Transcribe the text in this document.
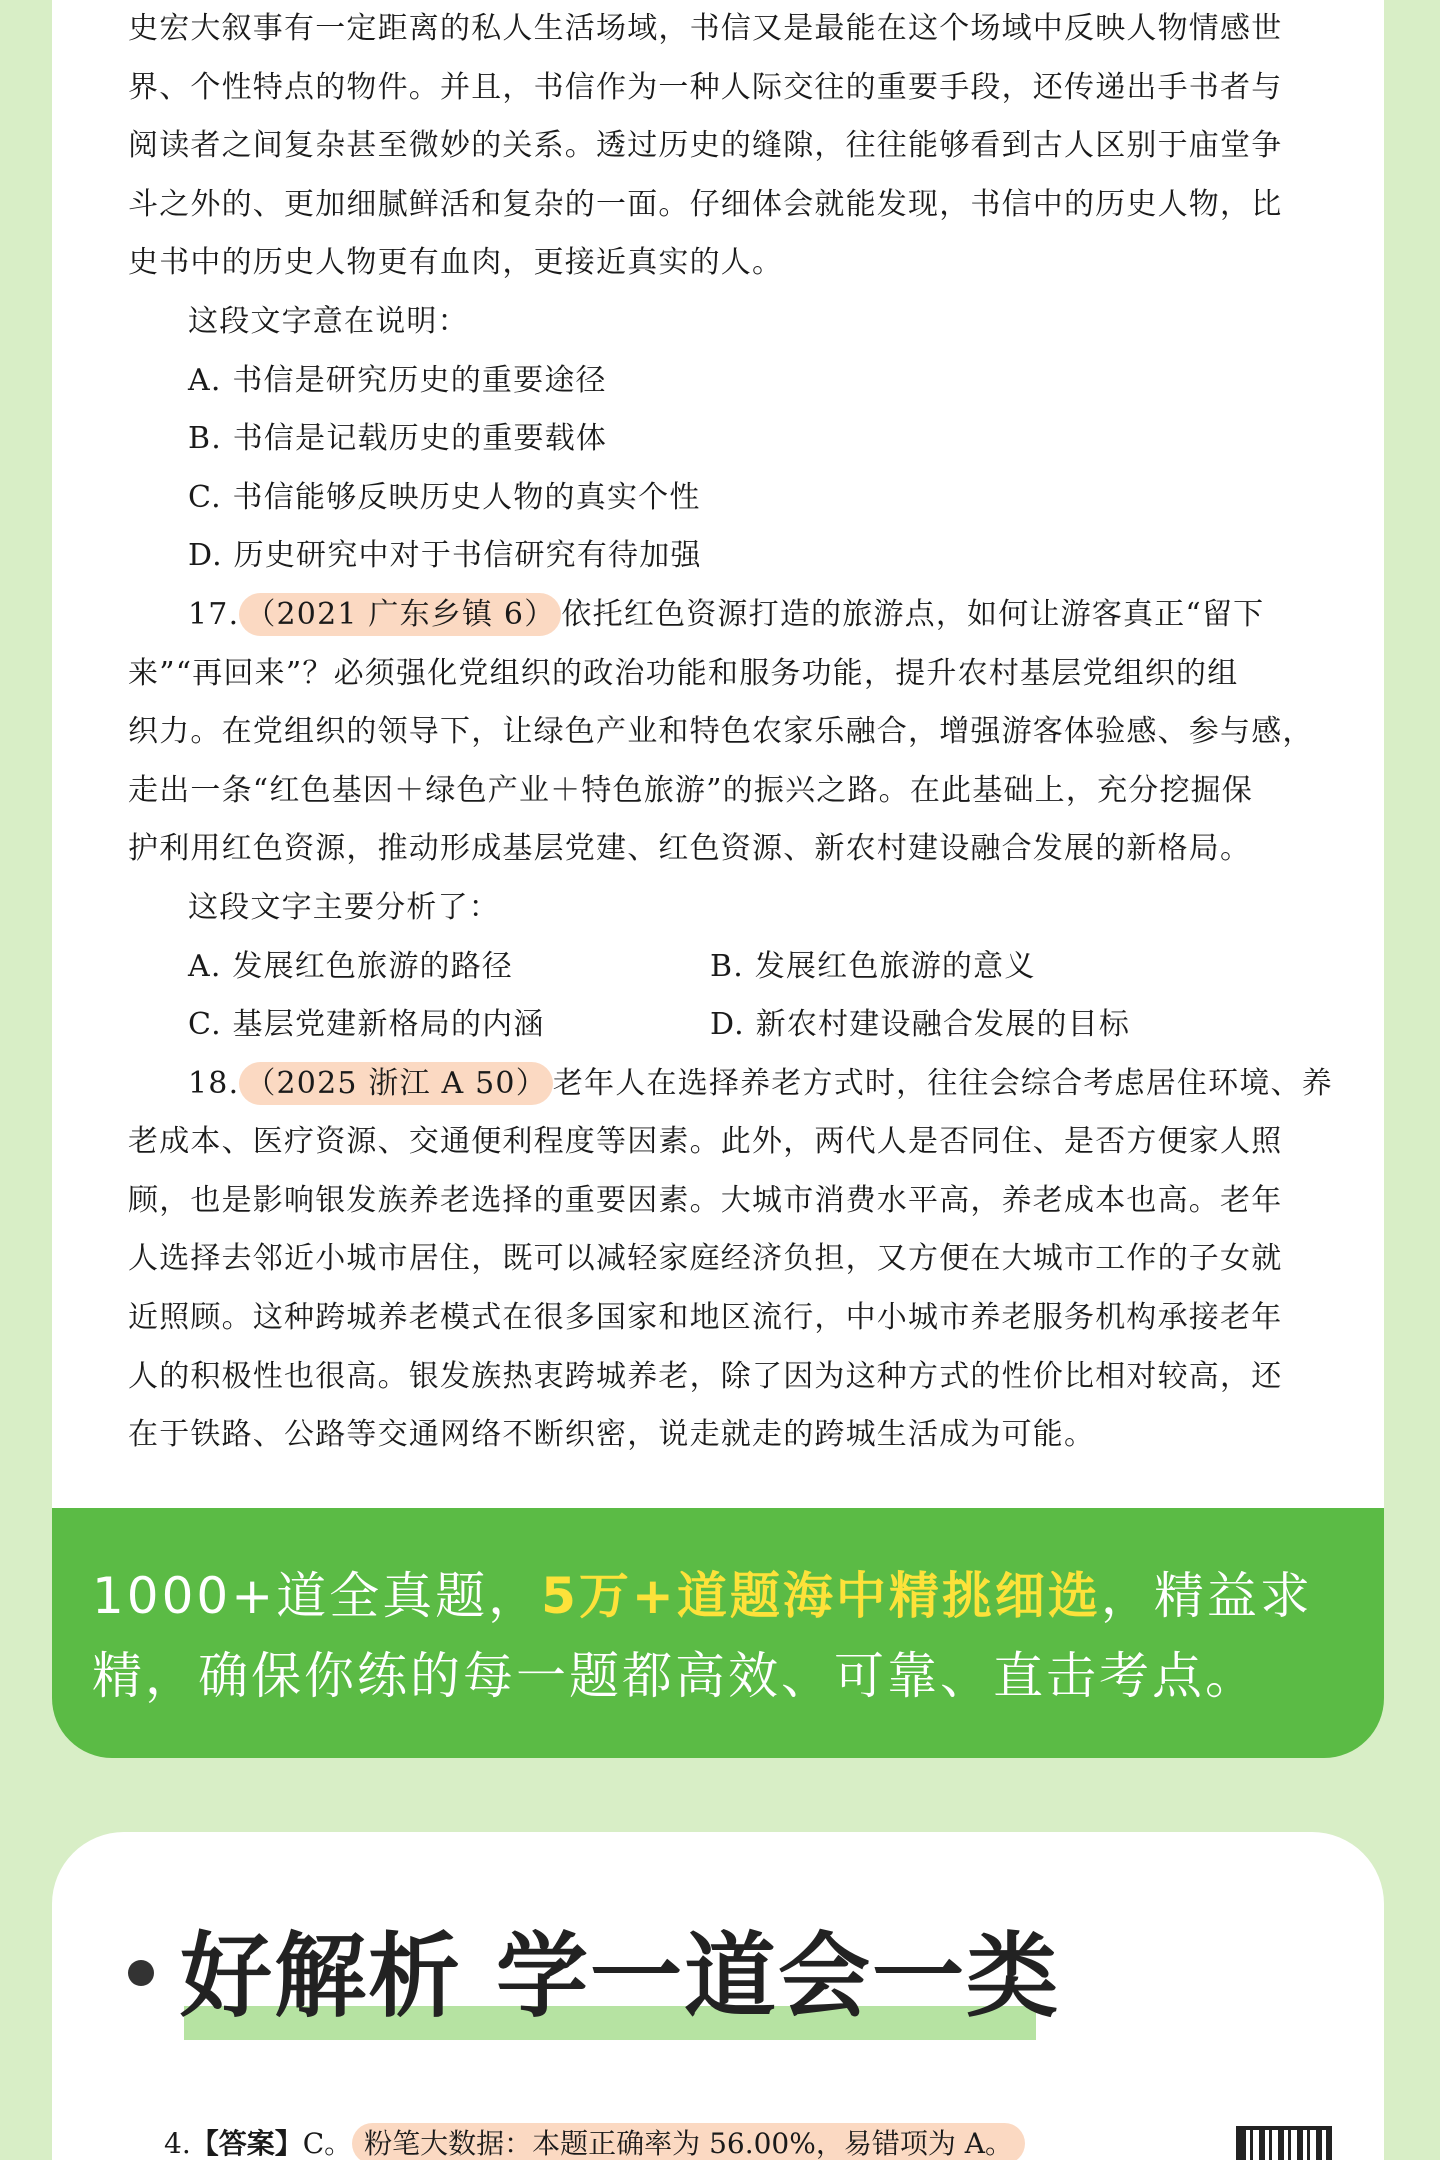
史宏大叙事有一定距离的私人生活场域，书信又是最能在这个场域中反映人物情感世

界、个性特点的物件。并且，书信作为一种人际交往的重要手段，还传递出手书者与

阅读者之间复杂甚至微妙的关系。透过历史的缝隙，往往能够看到古人区别于庙堂争

斗之外的、更加细腻鲜活和复杂的一面。仔细体会就能发现，书信中的历史人物，比

史书中的历史人物更有血肉，更接近真实的人。

这段文字意在说明：

A. 书信是研究历史的重要途径

B. 书信是记载历史的重要载体

C. 书信能够反映历史人物的真实个性

D. 历史研究中对于书信研究有待加强

17. （2021 广东乡镇 6） 依托红色资源打造的旅游点，如何让游客真正“留下

来”“再回来”？必须强化党组织的政治功能和服务功能，提升农村基层党组织的组

织力。在党组织的领导下，让绿色产业和特色农家乐融合，增强游客体验感、参与感，

走出一条“红色基因＋绿色产业＋特色旅游”的振兴之路。在此基础上，充分挖掘保

护利用红色资源，推动形成基层党建、红色资源、新农村建设融合发展的新格局。

这段文字主要分析了：

A. 发展红色旅游的路径	B. 发展红色旅游的意义
C. 基层党建新格局的内涵	D. 新农村建设融合发展的目标

18. （2025 浙江 A 50） 老年人在选择养老方式时，往往会综合考虑居住环境、养

老成本、医疗资源、交通便利程度等因素。此外，两代人是否同住、是否方便家人照

顾，也是影响银发族养老选择的重要因素。大城市消费水平高，养老成本也高。老年

人选择去邻近小城市居住，既可以减轻家庭经济负担，又方便在大城市工作的子女就

近照顾。这种跨城养老模式在很多国家和地区流行，中小城市养老服务机构承接老年

人的积极性也很高。银发族热衷跨城养老，除了因为这种方式的性价比相对较高，还

在于铁路、公路等交通网络不断织密，说走就走的跨城生活成为可能。

1000+道全真题，5万+道题海中精挑细选，精益求
精，确保你练的每一题都高效、可靠、直击考点。
好解析 学一道会一类
4.【答案】C。 粉笔大数据：本题正确率为 56.00%，易错项为 A。
